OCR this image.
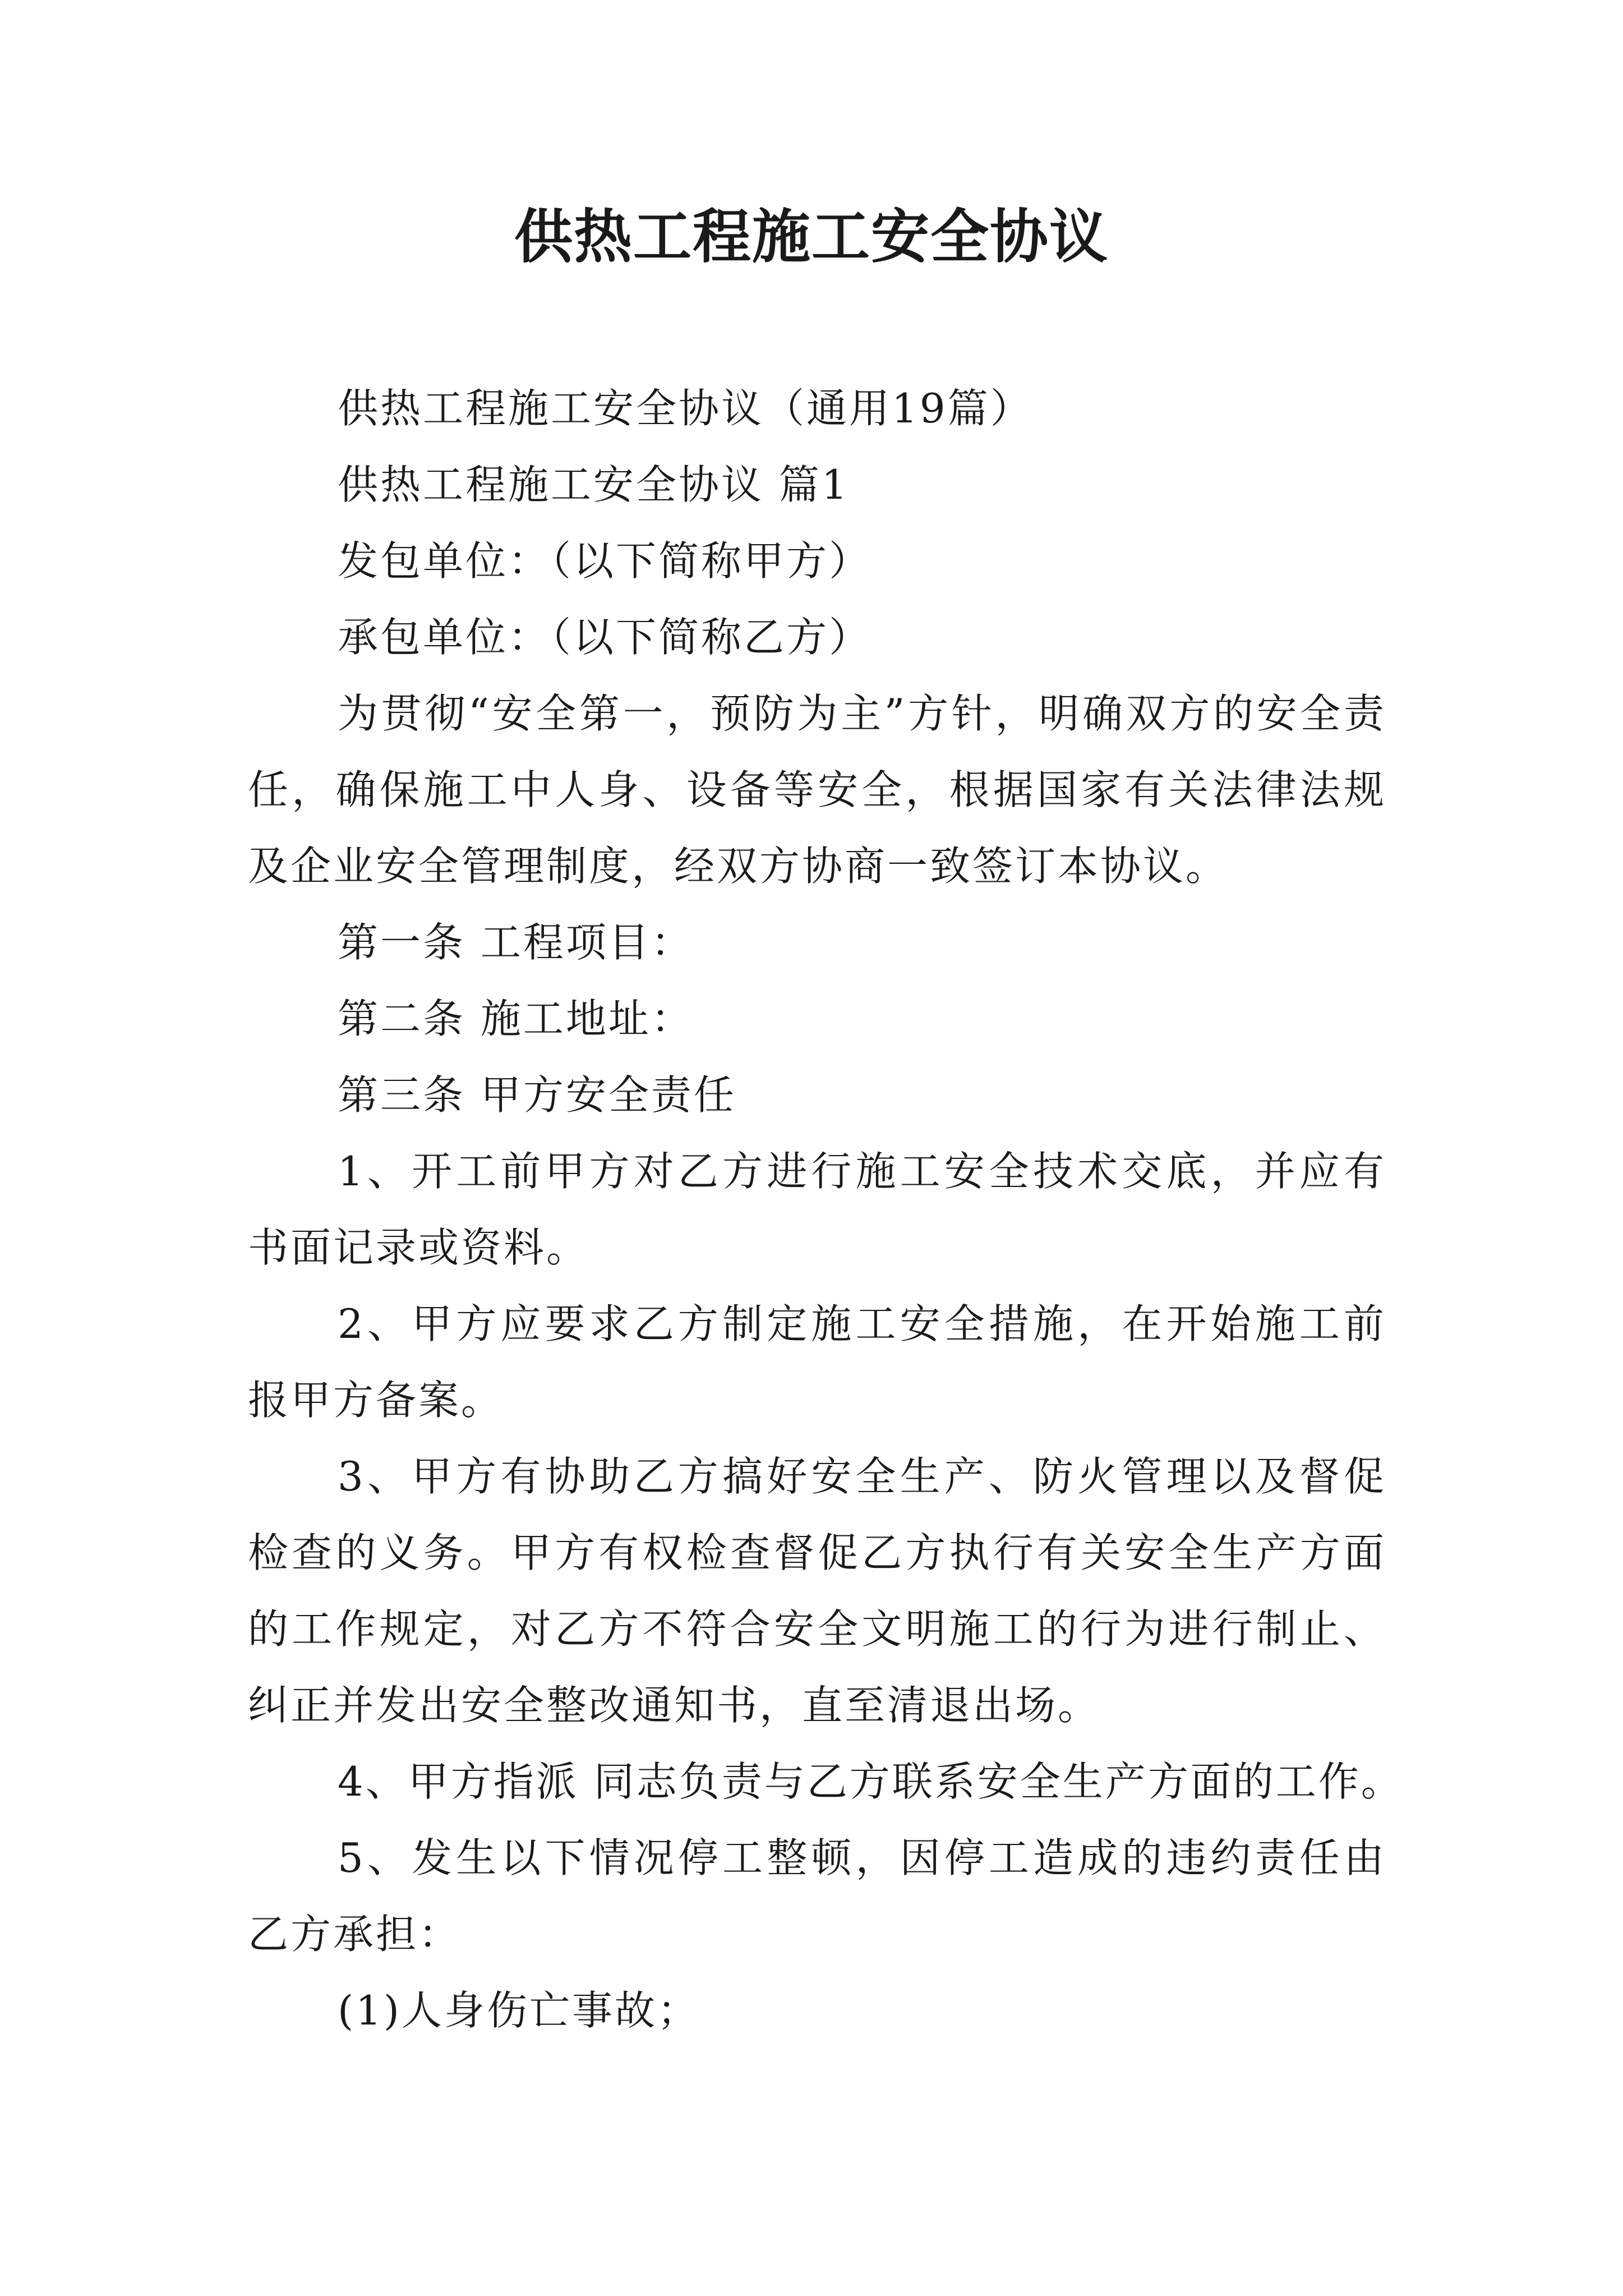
供热工程施工安全协议

供热工程施工安全协议（通用19篇）

供热工程施工安全协议 篇1

发包单位：（以下简称甲方）

承包单位：（以下简称乙方）

为贯彻“安全第一，预防为主”方针，明确双方的安全责任，确保施工中人身、设备等安全，根据国家有关法律法规及企业安全管理制度，经双方协商一致签订本协议。

第一条 工程项目：

第二条 施工地址：

第三条 甲方安全责任

1、开工前甲方对乙方进行施工安全技术交底，并应有书面记录或资料。

2、甲方应要求乙方制定施工安全措施，在开始施工前报甲方备案。

3、甲方有协助乙方搞好安全生产、防火管理以及督促检查的义务。甲方有权检查督促乙方执行有关安全生产方面的工作规定，对乙方不符合安全文明施工的行为进行制止、纠正并发出安全整改通知书，直至清退出场。

4、甲方指派 同志负责与乙方联系安全生产方面的工作。

5、发生以下情况停工整顿，因停工造成的违约责任由乙方承担：

(1)人身伤亡事故；
